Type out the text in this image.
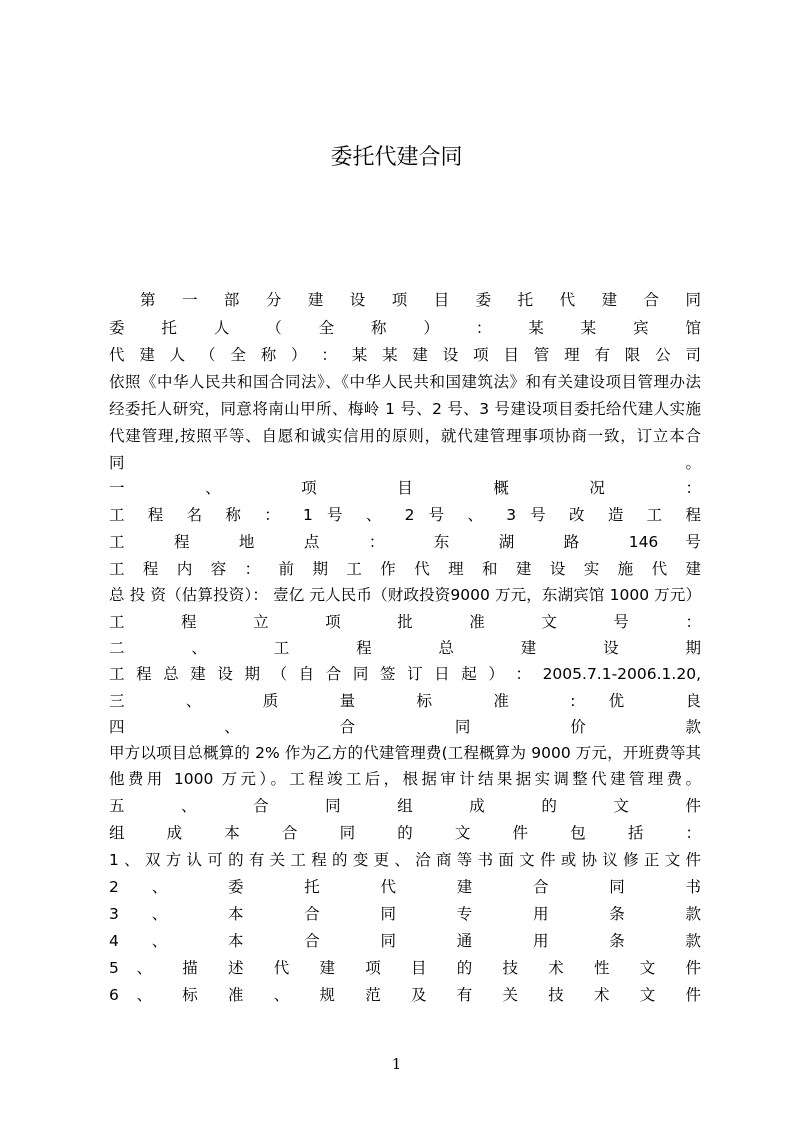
委托代建合同
第 一 部 分 建 设 项 目 委 托 代 建 合 同
委 托 人 （ 全 称 ） ： 某 某 宾 馆
代 建 人 （ 全 称 ） ： 某 某 建 设 项 目 管 理 有 限 公 司
依照《中华人民共和国合同法》、《中华人民共和国建筑法》和有关建设项目管理办法
经委托人研究，同意将南山甲所、梅岭 1 号、2 号、3 号建设项目委托给代建人实施
代建管理,按照平等、自愿和诚实信用的原则，就代建管理事项协商一致，订立本合
同 。
一 、 项 目 概 况 ：
工 程 名 称 ： 1 号 、 2 号 、 3 号 改 造 工 程
工 程 地 点 ： 东 湖 路 146 号
工 程 内 容 ： 前 期 工 作 代 理 和 建 设 实 施 代 建
总 投 资（估算投资）： 壹亿 元人民币（财政投资9000 万元，东湖宾馆 1000 万元）
工 程 立 项 批 准 文 号 ：
二 、 工 程 总 建 设 期
工 程 总 建 设 期 （ 自 合 同 签 订 日 起 ） ： 2005.7.1-2006.1.20,
三 、 质 量 标 准 : 优 良
四 、 合 同 价 款
甲方以项目总概算的 2% 作为乙方的代建管理费(工程概算为 9000 万元，开班费等其
他费用 1000 万元）。工程竣工后，根据审计结果据实调整代建管理费。
五 、 合 同 组 成 的 文 件
组 成 本 合 同 的 文 件 包 括 ：
1、双方认可的有关工程的变更、洽商等书面文件或协议修正文件
2 、 委 托 代 建 合 同 书
3 、 本 合 同 专 用 条 款
4 、 本 合 同 通 用 条 款
5 、 描 述 代 建 项 目 的 技 术 性 文 件
6 、 标 准 、 规 范 及 有 关 技 术 文 件
1
